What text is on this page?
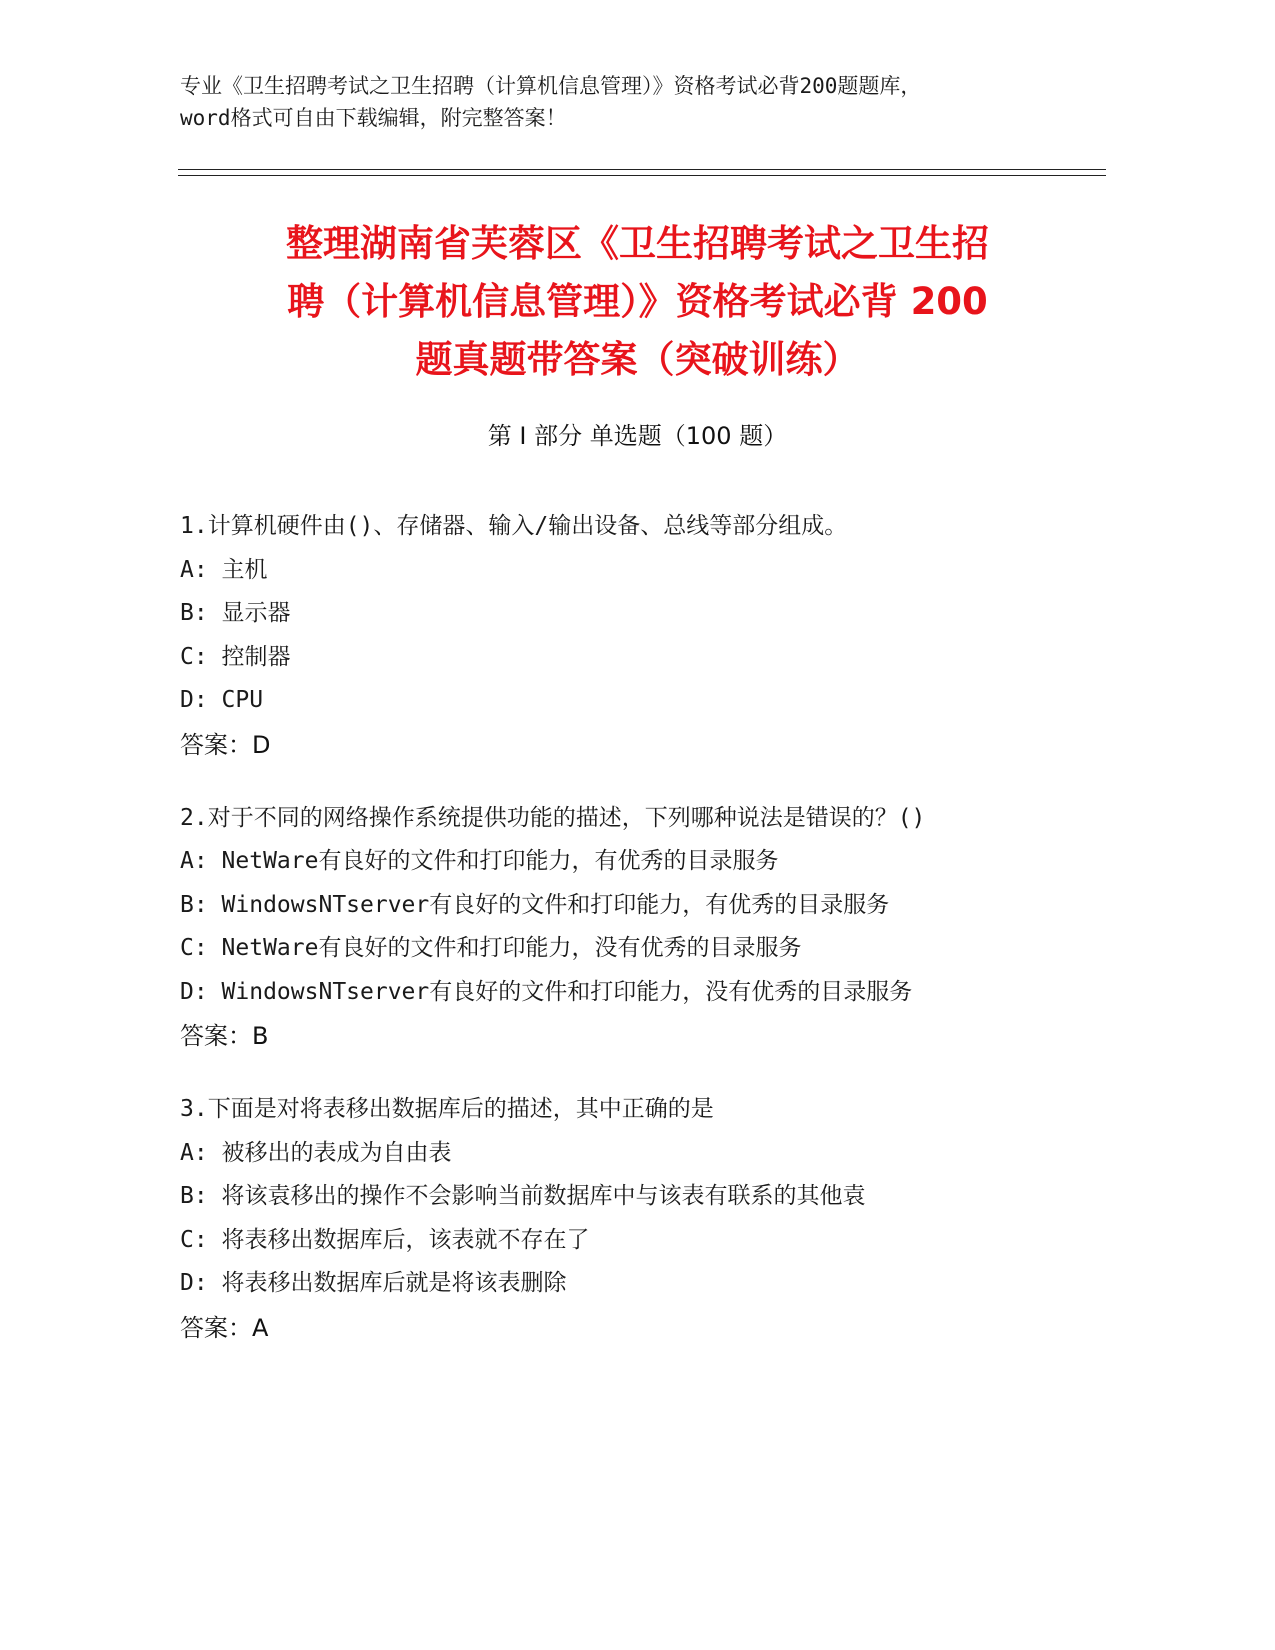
专业《卫生招聘考试之卫生招聘（计算机信息管理）》资格考试必背200题题库，
word格式可自由下载编辑，附完整答案！
整理湖南省芙蓉区《卫生招聘考试之卫生招
聘（计算机信息管理）》资格考试必背 200
题真题带答案（突破训练）
第 I 部分 单选题（100 题）
1.计算机硬件由()、存储器、输入/输出设备、总线等部分组成。
A: 主机
B: 显示器
C: 控制器
D: CPU
答案：D
2.对于不同的网络操作系统提供功能的描述，下列哪种说法是错误的？()
A: NetWare有良好的文件和打印能力，有优秀的目录服务
B: WindowsNTserver有良好的文件和打印能力，有优秀的目录服务
C: NetWare有良好的文件和打印能力，没有优秀的目录服务
D: WindowsNTserver有良好的文件和打印能力，没有优秀的目录服务
答案：B
3.下面是对将表移出数据库后的描述，其中正确的是
A: 被移出的表成为自由表
B: 将该袁移出的操作不会影响当前数据库中与该表有联系的其他袁
C: 将表移出数据库后，该表就不存在了
D: 将表移出数据库后就是将该表删除
答案：A
